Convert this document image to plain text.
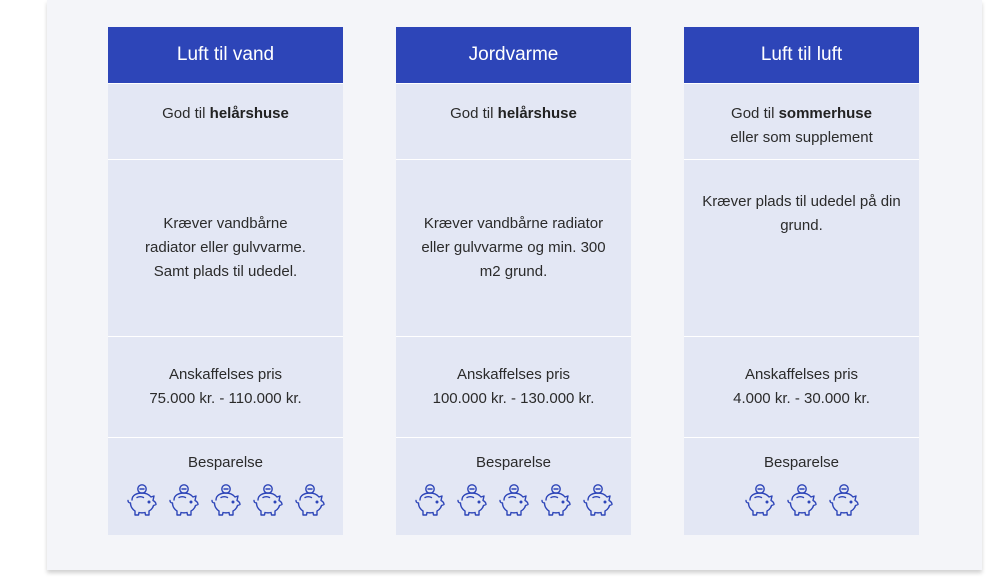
Luft til vand
God til helårshuse
Kræver vandbårne radiator eller gulvvarme. Samt plads til udedel.
Anskaffelses pris
75.000 kr. - 110.000 kr.
Besparelse
Jordvarme
God til helårshuse
Kræver vandbårne radiator eller gulvvarme og min. 300 m2 grund.
Anskaffelses pris
100.000 kr. - 130.000 kr.
Besparelse
Luft til luft
God til sommerhuse
eller som supplement
Kræver plads til udedel på din grund.
Anskaffelses pris
4.000 kr. - 30.000 kr.
Besparelse
